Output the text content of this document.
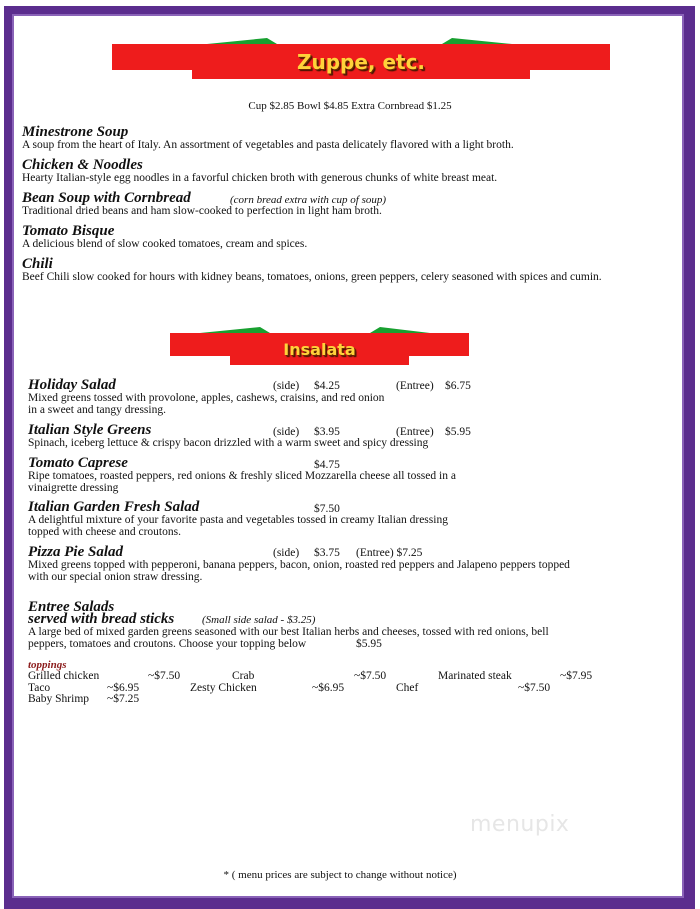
Zuppe, etc.
Cup $2.85 Bowl $4.85 Extra Cornbread $1.25
Minestrone Soup
A soup from the heart of Italy. An assortment of vegetables and pasta delicately flavored with a light broth.
Chicken & Noodles
Hearty Italian-style egg noodles in a favorful chicken broth with generous chunks of white breast meat.
Bean Soup with Cornbread	(corn bread extra with cup of soup)
Traditional dried beans and ham slow-cooked to perfection in light ham broth.
Tomato Bisque
A delicious blend of slow cooked tomatoes, cream and spices.
Chili
Beef Chili slow cooked for hours with kidney beans, tomatoes, onions, green peppers, celery seasoned with spices and cumin.
Insalata
Holiday Salad	(side) $4.25	(Entree) $6.75
Mixed greens tossed with provolone, apples, cashews, craisins, and red onion
in a sweet and tangy dressing.
Italian Style Greens	(side) $3.95	(Entree) $5.95
Spinach, iceberg lettuce & crispy bacon drizzled with a warm sweet and spicy dressing
Tomato Caprese	$4.75
Ripe tomatoes, roasted peppers, red onions & freshly sliced Mozzarella cheese all tossed in a
vinaigrette dressing
Italian Garden Fresh Salad	$7.50
A delightful mixture of your favorite pasta and vegetables tossed in creamy Italian dressing
topped with cheese and croutons.
Pizza Pie Salad	(side) $3.75 (Entree) $7.25
Mixed greens topped with pepperoni, banana peppers, bacon, onion, roasted red peppers and Jalapeno peppers topped
with our special onion straw dressing.
Entree Salads
served with bread sticks	(Small side salad - $3.25)
A large bed of mixed garden greens seasoned with our best Italian herbs and cheeses, tossed with red onions, bell
peppers, tomatoes and croutons. Choose your topping below	$5.95
toppings
Grilled chicken	~$7.50	Crab	~$7.50	Marinated steak	~$7.95
Taco	~$6.95	Zesty Chicken	~$6.95	Chef	~$7.50
Baby Shrimp ~$7.25
menupix
* ( menu prices are subject to change without notice)
